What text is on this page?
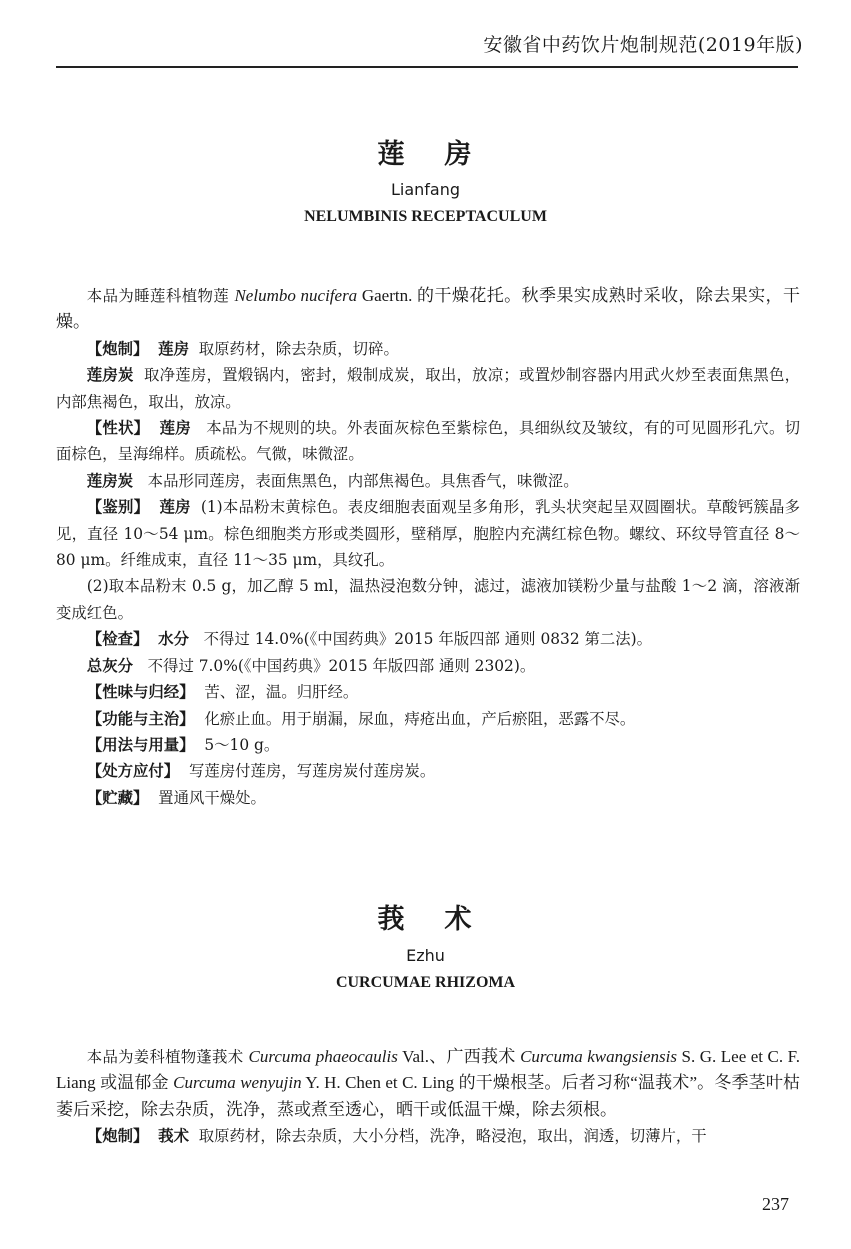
安徽省中药饮片炮制规范(2019年版)
莲 房
Lianfang
NELUMBINIS RECEPTACULUM

本品为睡莲科植物莲 Nelumbo nucifera Gaertn. 的干燥花托。秋季果实成熟时采收，除去果实，干燥。

【炮制】 莲房 取原药材，除去杂质，切碎。

莲房炭 取净莲房，置煅锅内，密封，煅制成炭，取出，放凉；或置炒制容器内用武火炒至表面焦黑色，内部焦褐色，取出，放凉。

【性状】 莲房 本品为不规则的块。外表面灰棕色至紫棕色，具细纵纹及皱纹，有的可见圆形孔穴。切面棕色，呈海绵样。质疏松。气微，味微涩。

莲房炭 本品形同莲房，表面焦黑色，内部焦褐色。具焦香气，味微涩。

【鉴别】 莲房 (1)本品粉末黄棕色。表皮细胞表面观呈多角形，乳头状突起呈双圆圈状。草酸钙簇晶多见，直径 10～54 μm。棕色细胞类方形或类圆形，壁稍厚，胞腔内充满红棕色物。螺纹、环纹导管直径 8～80 μm。纤维成束，直径 11～35 μm，具纹孔。

(2)取本品粉末 0.5 g，加乙醇 5 ml，温热浸泡数分钟，滤过，滤液加镁粉少量与盐酸 1～2 滴，溶液渐变成红色。

【检查】 水分 不得过 14.0%(《中国药典》2015 年版四部 通则 0832 第二法)。

总灰分 不得过 7.0%(《中国药典》2015 年版四部 通则 2302)。

【性味与归经】 苦、涩，温。归肝经。

【功能与主治】 化瘀止血。用于崩漏，尿血，痔疮出血，产后瘀阻，恶露不尽。

【用法与用量】 5～10 g。

【处方应付】 写莲房付莲房，写莲房炭付莲房炭。

【贮藏】 置通风干燥处。

莪 术
Ezhu
CURCUMAE RHIZOMA

本品为姜科植物蓬莪术 Curcuma phaeocaulis Val.、广西莪术 Curcuma kwangsiensis S. G. Lee et C. F. Liang 或温郁金 Curcuma wenyujin Y. H. Chen et C. Ling 的干燥根茎。后者习称“温莪术”。冬季茎叶枯萎后采挖，除去杂质，洗净，蒸或煮至透心，晒干或低温干燥，除去须根。

【炮制】 莪术 取原药材，除去杂质，大小分档，洗净，略浸泡，取出，润透，切薄片，干

237
